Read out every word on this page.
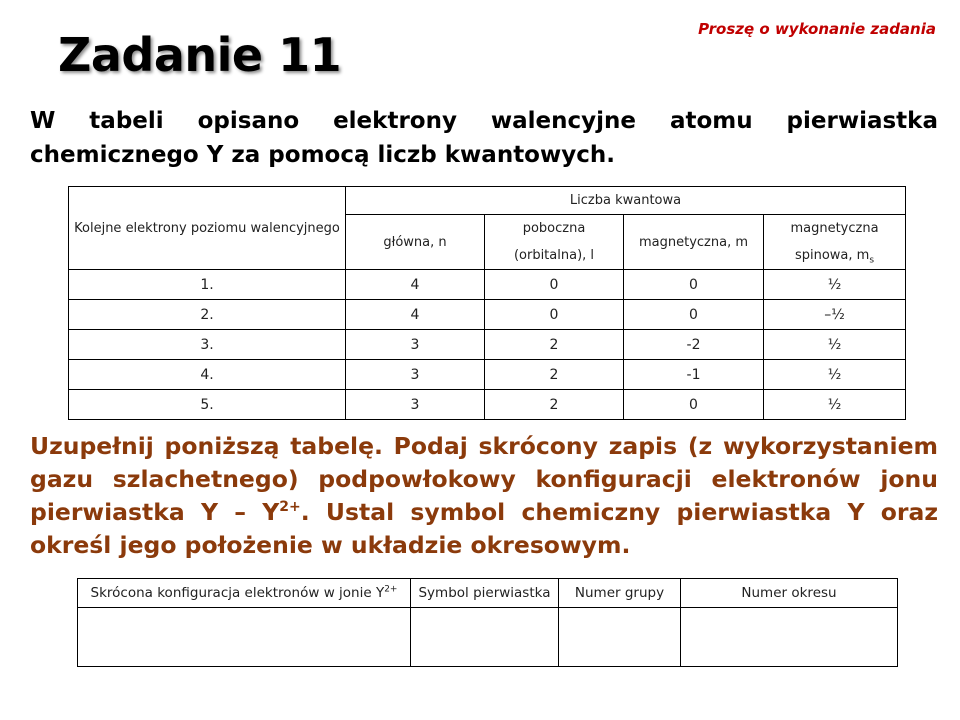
Proszę o wykonanie zadania
Zadanie 11
W tabeli opisano elektrony walencyjne atomu pierwiastka chemicznego Y za pomocą liczb kwantowych.
Kolejne elektrony poziomu walencyjnego	Liczba kwantowa			
	główna, n	poboczna (orbitalna), l	magnetyczna, m	magnetyczna spinowa, $m_s$
1.	4	0	0	½
2.	4	0	0	–½
3.	3	2	-2	½
4.	3	2	-1	½
5.	3	2	0	½
Uzupełnij poniższą tabelę. Podaj skrócony zapis (z wykorzystaniem gazu szlachetnego) podpowłokowy konfiguracji elektronów jonu pierwiastka Y – $Y^{2+}$. Ustal symbol chemiczny pierwiastka Y oraz określ jego położenie w układzie okresowym.
Skrócona konfiguracja elektronów w jonie $Y^{2+}$	Symbol pierwiastka	Numer grupy	Numer okresu
